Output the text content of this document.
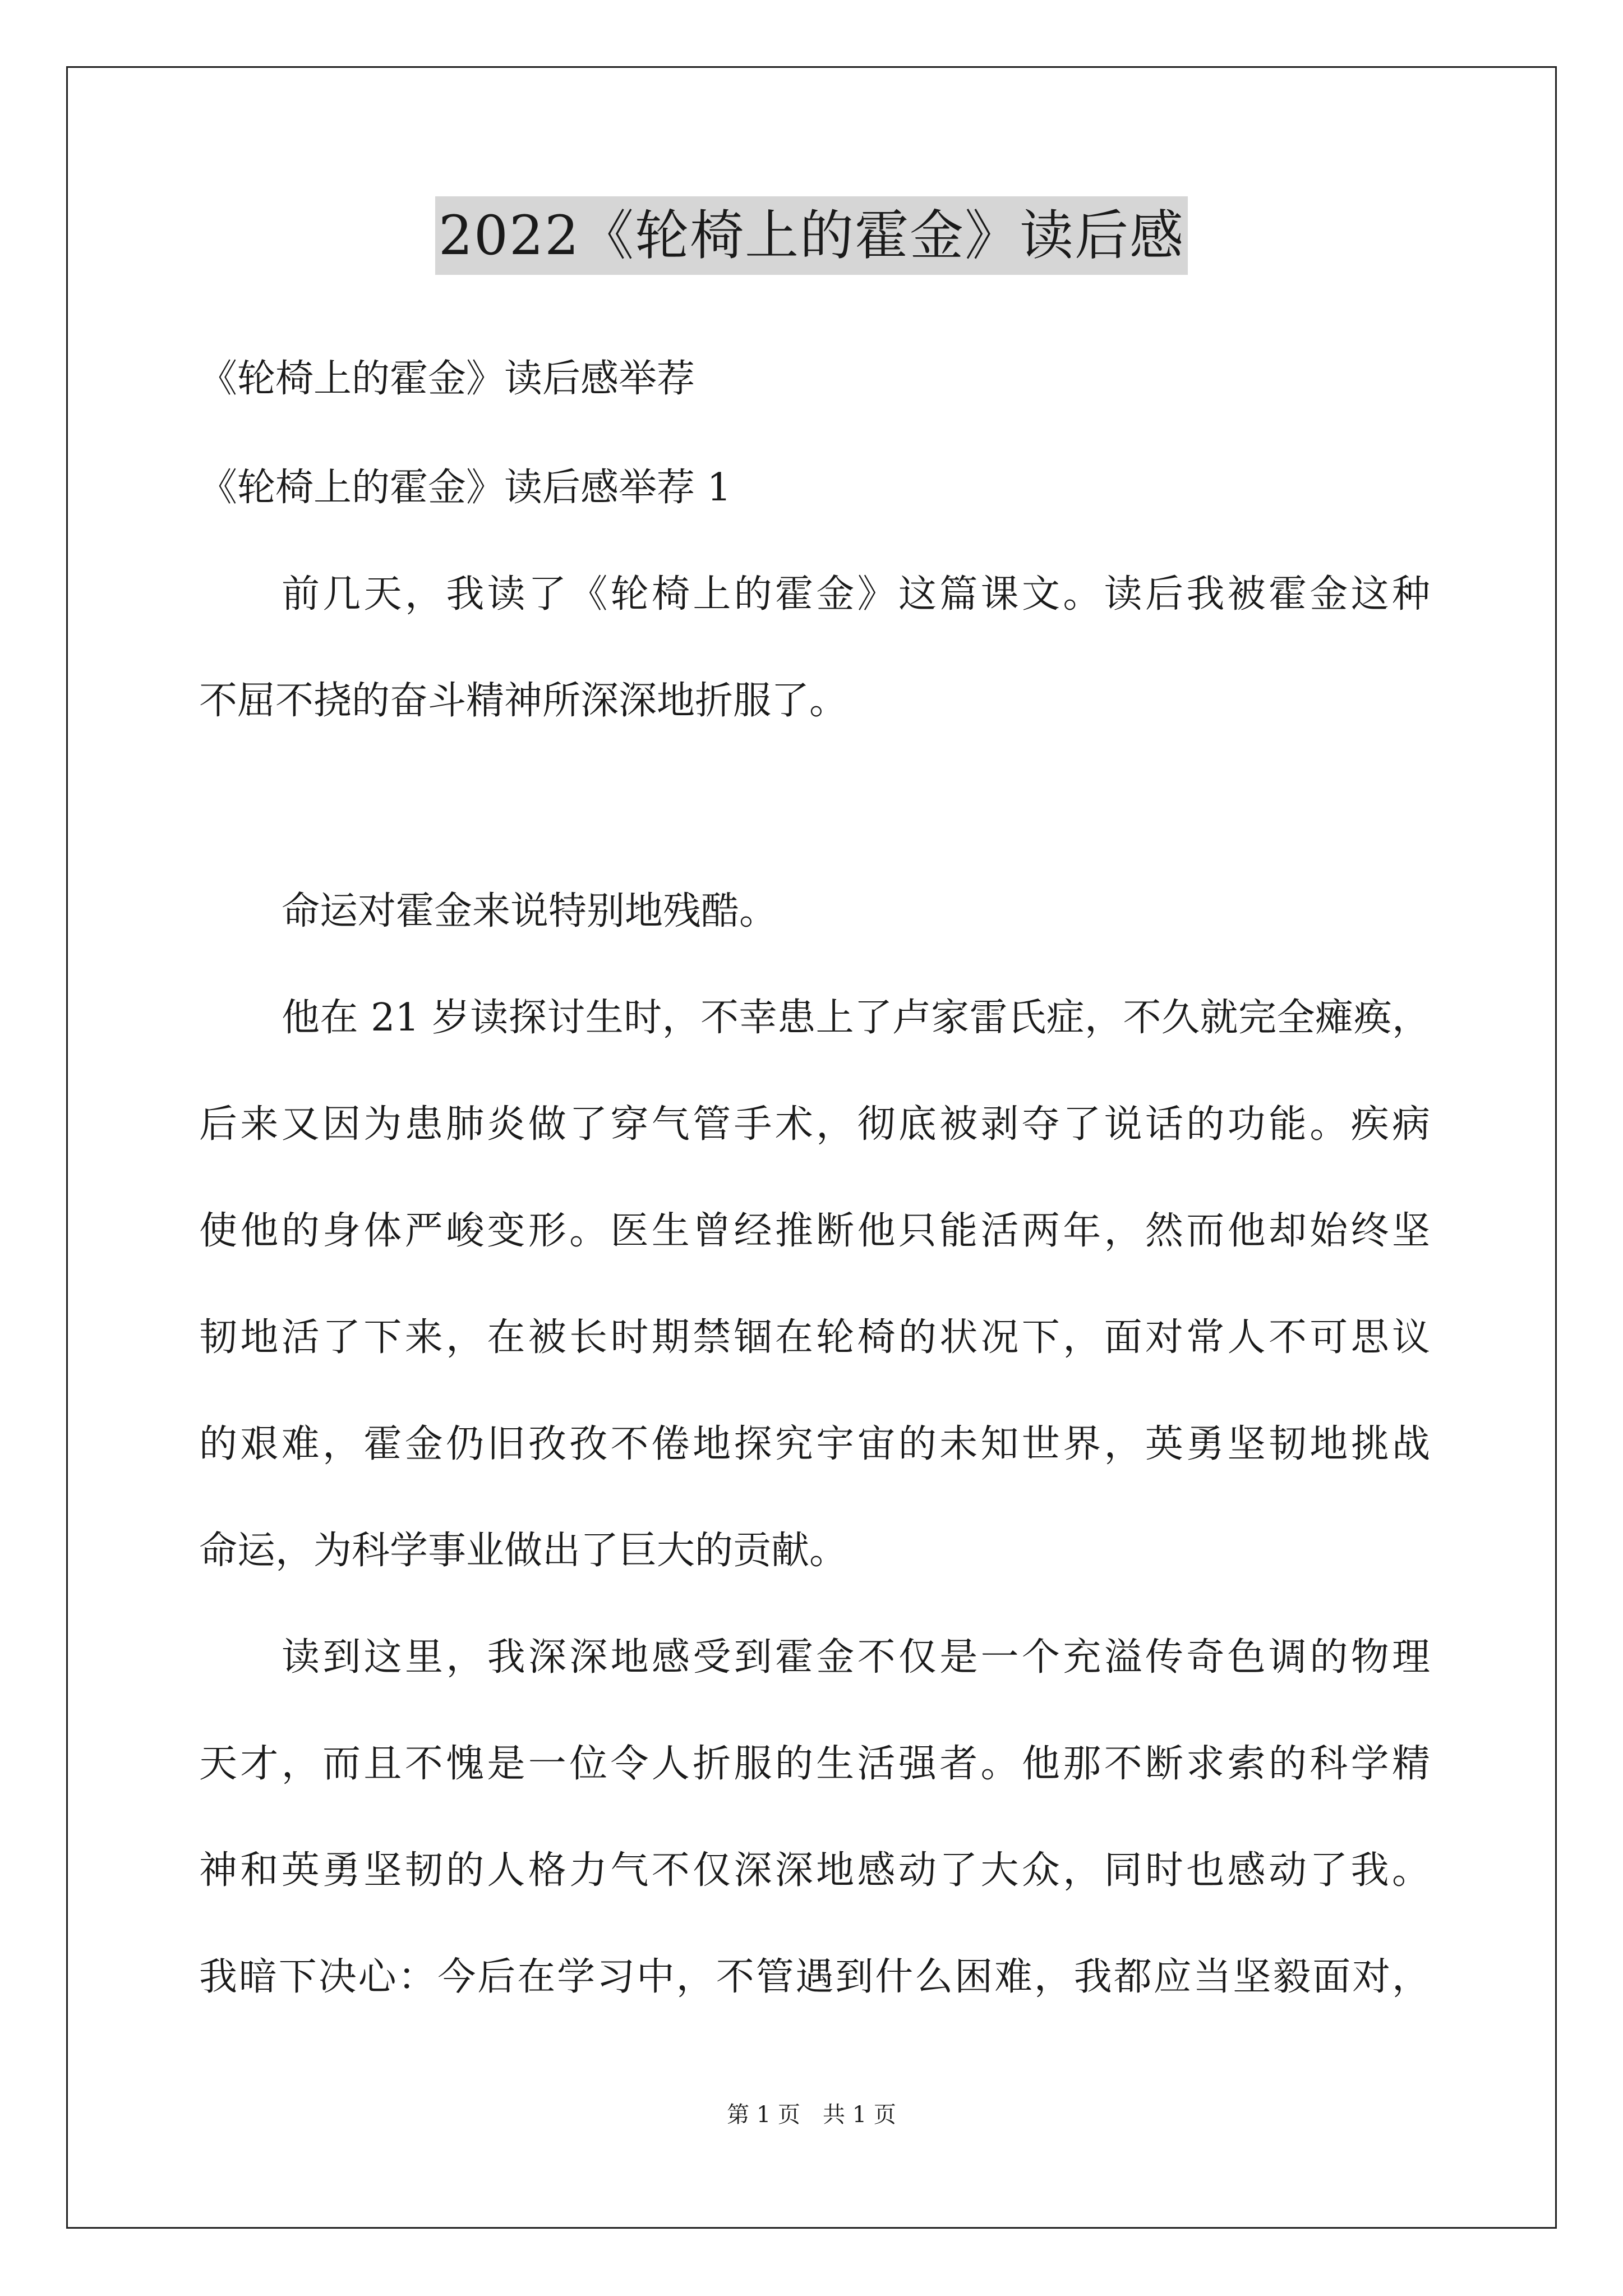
2022《轮椅上的霍金》读后感
《轮椅上的霍金》读后感举荐
《轮椅上的霍金》读后感举荐 1
前几天，我读了《轮椅上的霍金》这篇课文。读后我被霍金这种
不屈不挠的奋斗精神所深深地折服了。
命运对霍金来说特别地残酷。
他在 21 岁读探讨生时，不幸患上了卢家雷氏症，不久就完全瘫痪，
后来又因为患肺炎做了穿气管手术，彻底被剥夺了说话的功能。疾病
使他的身体严峻变形。医生曾经推断他只能活两年，然而他却始终坚
韧地活了下来，在被长时期禁锢在轮椅的状况下，面对常人不可思议
的艰难，霍金仍旧孜孜不倦地探究宇宙的未知世界，英勇坚韧地挑战
命运，为科学事业做出了巨大的贡献。
读到这里，我深深地感受到霍金不仅是一个充溢传奇色调的物理
天才，而且不愧是一位令人折服的生活强者。他那不断求索的科学精
神和英勇坚韧的人格力气不仅深深地感动了大众，同时也感动了我。
我暗下决心：今后在学习中，不管遇到什么困难，我都应当坚毅面对，
第 1 页　共 1 页
